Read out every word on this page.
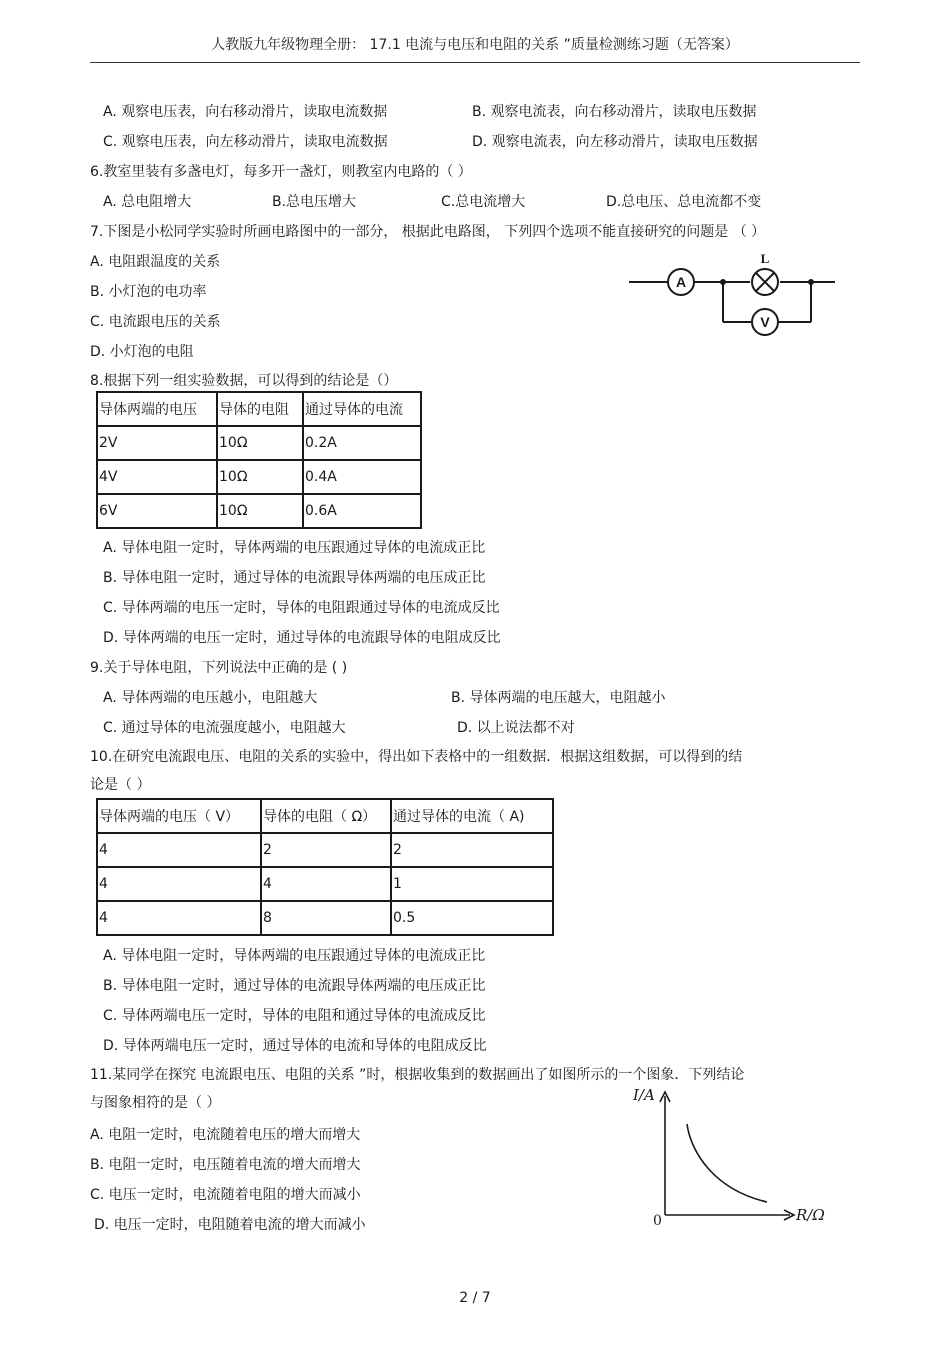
人教版九年级物理全册： 17.1 电流与电压和电阻的关系 ”质量检测练习题（无答案）
A. 观察电压表，向右移动滑片，读取电流数据	B. 观察电流表，向右移动滑片，读取电压数据
C. 观察电压表，向左移动滑片，读取电流数据	D. 观察电流表，向左移动滑片，读取电压数据
6.教室里装有多盏电灯，每多开一盏灯，则教室内电路的（ ）
A. 总电阻增大	B.总电压增大	C.总电流增大	D.总电压、总电流都不变
7.下图是小松同学实验时所画电路图中的一部分， 根据此电路图， 下列四个选项不能直接研究的问题是 （ ）
A. 电阻跟温度的关系
B. 小灯泡的电功率
C. 电流跟电压的关系
D. 小灯泡的电阻
A
L
V
8.根据下列一组实验数据，可以得到的结论是（）
导体两端的电压	导体的电阻	通过导体的电流
2V	10Ω	0.2A
4V	10Ω	0.4A
6V	10Ω	0.6A
A. 导体电阻一定时，导体两端的电压跟通过导体的电流成正比
B. 导体电阻一定时，通过导体的电流跟导体两端的电压成正比
C. 导体两端的电压一定时，导体的电阻跟通过导体的电流成反比
D. 导体两端的电压一定时，通过导体的电流跟导体的电阻成反比
9.关于导体电阻，下列说法中正确的是 ( )
A. 导体两端的电压越小，电阻越大	B. 导体两端的电压越大，电阻越小
C. 通过导体的电流强度越小，电阻越大	D. 以上说法都不对
10.在研究电流跟电压、电阻的关系的实验中，得出如下表格中的一组数据．根据这组数据，可以得到的结
论是（ ）
导体两端的电压（ V）	导体的电阻（ Ω）	通过导体的电流（ A)
4	2	2
4	4	1
4	8	0.5
A. 导体电阻一定时，导体两端的电压跟通过导体的电流成正比
B. 导体电阻一定时，通过导体的电流跟导体两端的电压成正比
C. 导体两端电压一定时，导体的电阻和通过导体的电流成反比
D. 导体两端电压一定时，通过导体的电流和导体的电阻成反比
11.某同学在探究 电流跟电压、电阻的关系 ”时，根据收集到的数据画出了如图所示的一个图象．下列结论
与图象相符的是（ ）
A. 电阻一定时，电流随着电压的增大而增大
B. 电阻一定时，电压随着电流的增大而增大
C. 电压一定时，电流随着电阻的增大而减小
D. 电压一定时，电阻随着电流的增大而减小
I/A
0	R/Ω
2 / 7
